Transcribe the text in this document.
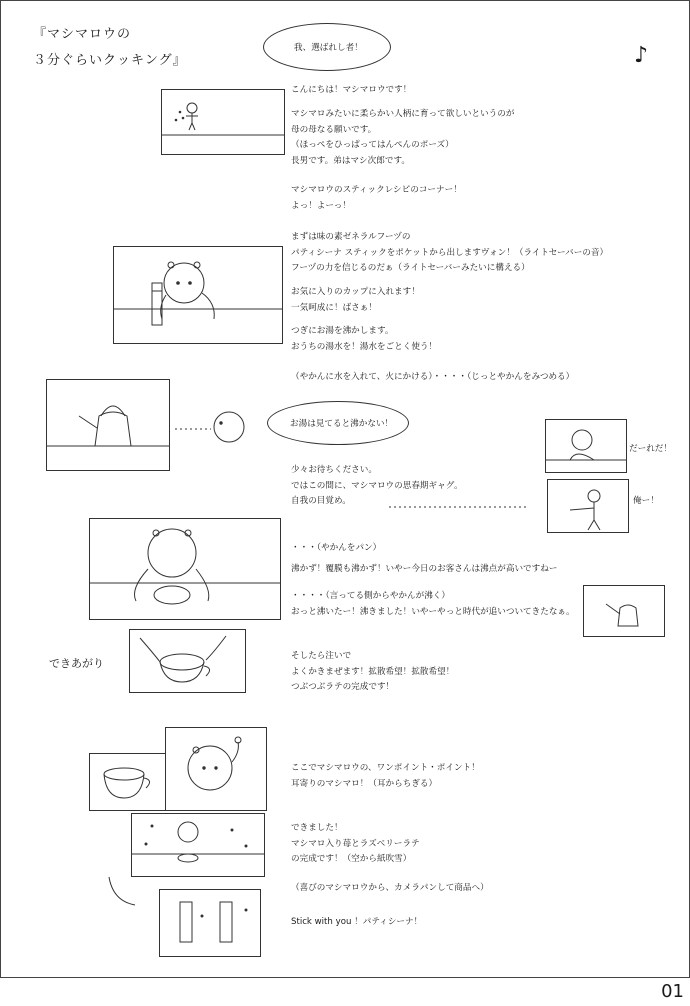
『マシマロウの
３分ぐらいクッキング』	♪
我、選ばれし者！
こんにちは！マシマロウです！
マシマロみたいに柔らかい人柄に育って欲しいというのが
母の母なる願いです。
（ほっぺをひっぱってはんぺんのポーズ）
長男です。弟はマシ次郎です。
マシマロウのスティックレシピのコーナー！
よっ！よーっ！
まずは味の素ゼネラルフーヅの
パティシーナ スティックをポケットから出しますヴォン！（ライトセーバーの音）
フーヅの力を信じるのだぁ（ライトセーバーみたいに構える）
お気に入りのカップに入れます！
一気呵成に！ばさぁ！
つぎにお湯を沸かします。
おうちの湯水を！湯水をごとく使う！
（やかんに水を入れて、火にかける）・・・・（じっとやかんをみつめる）
少々お待ちください。
ではこの間に、マシマロウの思春期ギャグ。
自我の目覚め。
・・・（やかんをパン）
沸かず！覆膜も沸かず！いやー今日のお客さんは沸点が高いですねー
・・・・（言ってる側からやかんが沸く）
おっと沸いたー！沸きました！いやーやっと時代が追いついてきたなぁ。
そしたら注いで
よくかきまぜます！拡散希望！拡散希望！
つぶつぶラテの完成です！
ここでマシマロウの、ワンポイント・ポイント！
耳寄りのマシマロ！（耳からちぎる）
できました！
マシマロ入り苺とラズベリーラテ
の完成です！（空から紙吹雪）
（喜びのマシマロウから、カメラパンして商品へ）
Stick with you ！パティシーナ！
お湯は見てると沸かない！
だーれだ！
俺ー！
できあがり
01
